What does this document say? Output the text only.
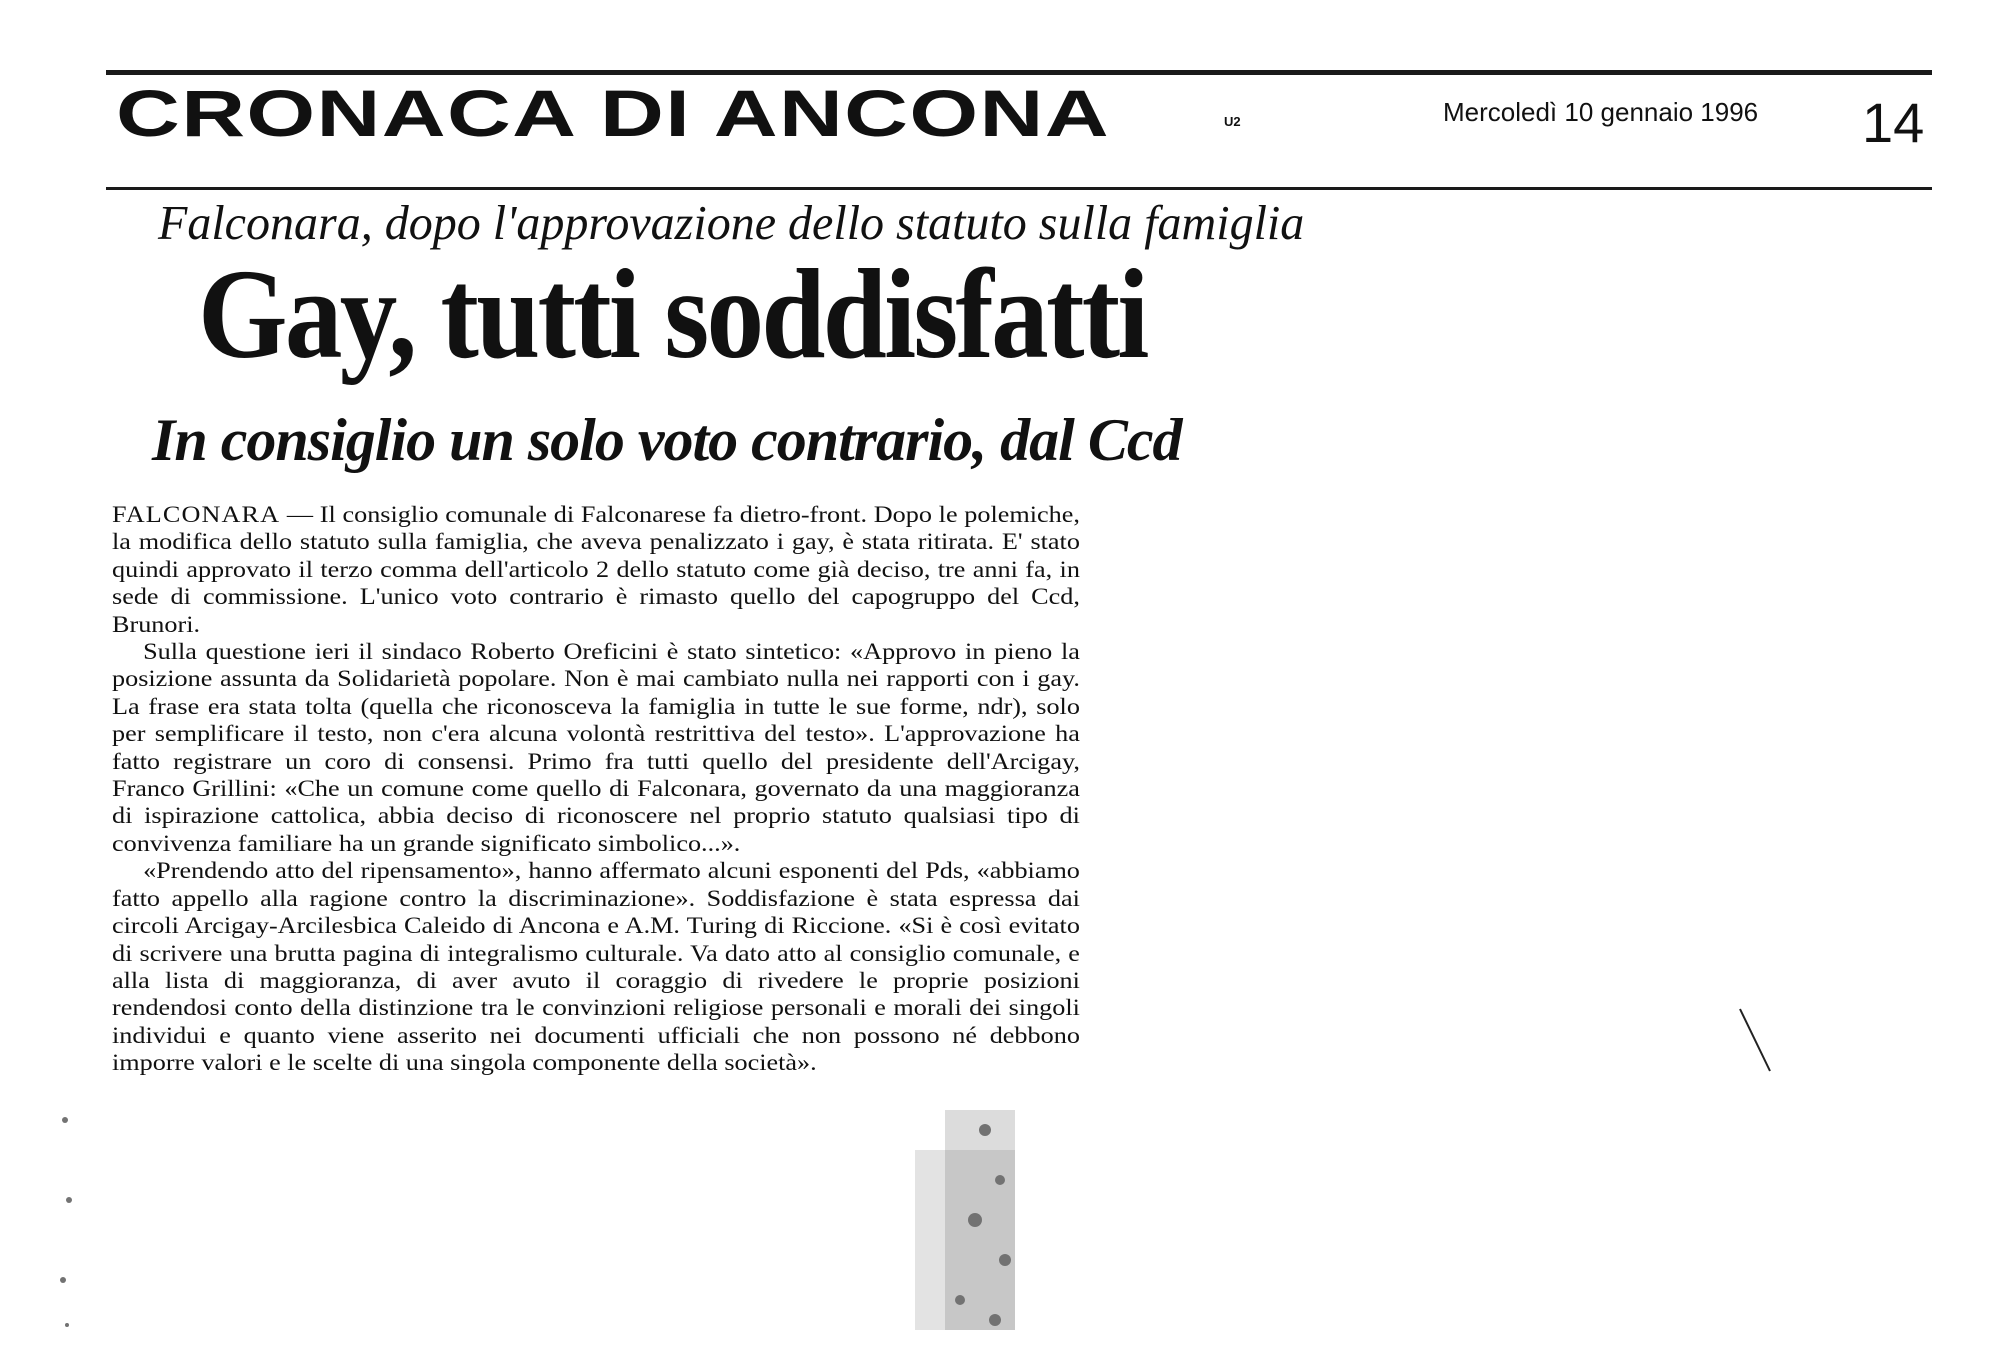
CRONACA DI ANCONA	U2	Mercoledì 10 gennaio 1996 14
Falconara, dopo l'approvazione dello statuto sulla famiglia
Gay, tutti soddisfatti
In consiglio un solo voto contrario, dal Ccd

FALCONARA — Il consiglio comunale di Falconarese fa dietro-front. Dopo le polemiche, la modifica dello statuto sulla famiglia, che aveva penalizzato i gay, è stata ritirata. E' stato quindi approvato il terzo comma dell'articolo 2 dello statuto come già deciso, tre anni fa, in sede di commissione. L'unico voto contrario è rimasto quello del capogruppo del Ccd, Brunori.

Sulla questione ieri il sindaco Roberto Oreficini è stato sintetico: «Approvo in pieno la posizione assunta da Solidarietà popolare. Non è mai cambiato nulla nei rapporti con i gay. La frase era stata tolta (quella che riconosceva la famiglia in tutte le sue forme, ndr), solo per semplificare il testo, non c'era alcuna volontà restrittiva del testo». L'approvazione ha fatto registrare un coro di consensi. Primo fra tutti quello del presidente dell'Arcigay, Franco Grillini: «Che un comune come quello di Falconara, governato da una maggioranza di ispirazione cattolica, abbia deciso di riconoscere nel proprio statuto qualsiasi tipo di convivenza familiare ha un grande significato simbolico...».

«Prendendo atto del ripensamento», hanno affermato alcuni esponenti del Pds, «abbiamo fatto appello alla ragione contro la discriminazione». Soddisfazione è stata espressa dai circoli Arcigay-Arcilesbica Caleido di Ancona e A.M. Turing di Riccione. «Si è così evitato di scrivere una brutta pagina di integralismo culturale. Va dato atto al consiglio comunale, e alla lista di maggioranza, di aver avuto il coraggio di rivedere le proprie posizioni rendendosi conto della distinzione tra le convinzioni religiose personali e morali dei singoli individui e quanto viene asserito nei documenti ufficiali che non possono né debbono imporre valori e le scelte di una singola componente della società».
